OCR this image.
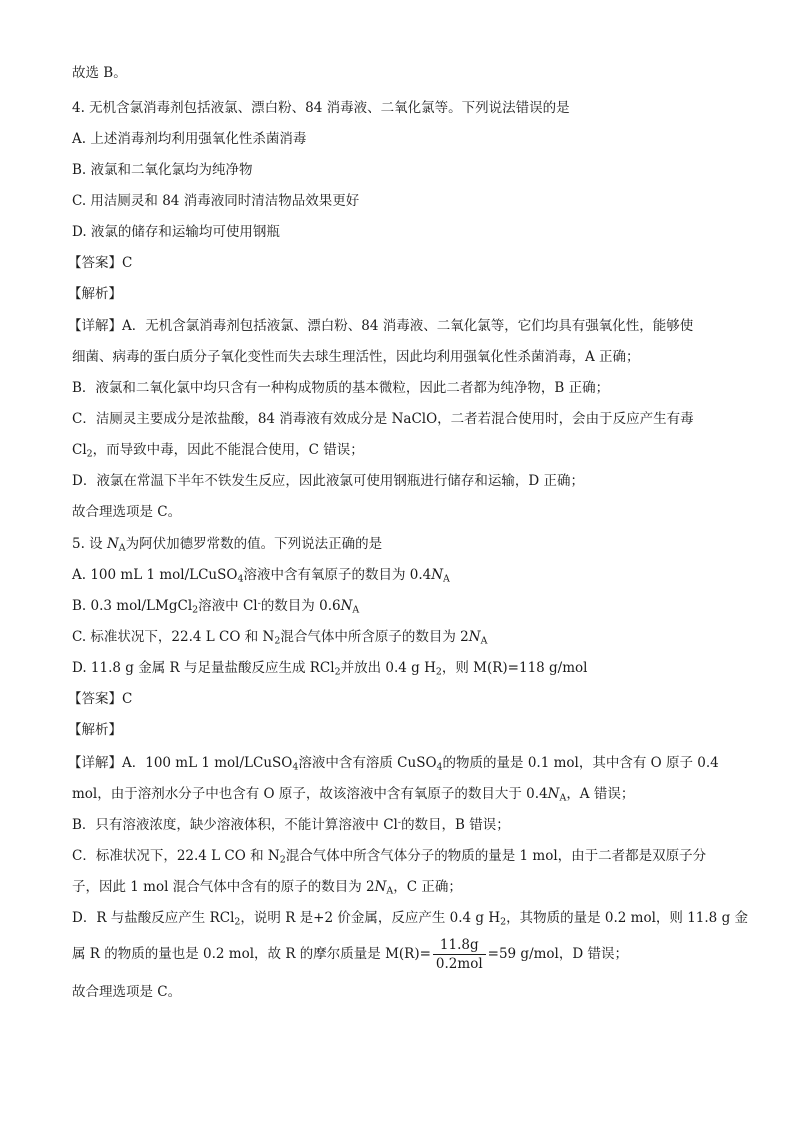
故选 B。
4. 无机含氯消毒剂包括液氯、漂白粉、84 消毒液、二氧化氯等。下列说法错误的是
A. 上述消毒剂均利用强氧化性杀菌消毒
B. 液氯和二氧化氯均为纯净物
C. 用洁厕灵和 84 消毒液同时清洁物品效果更好
D. 液氯的储存和运输均可使用钢瓶
【答案】C
【解析】
【详解】A．无机含氯消毒剂包括液氯、漂白粉、84 消毒液、二氧化氯等，它们均具有强氧化性，能够使
细菌、病毒的蛋白质分子氧化变性而失去球生理活性，因此均利用强氧化性杀菌消毒，A 正确；
B．液氯和二氧化氯中均只含有一种构成物质的基本微粒，因此二者都为纯净物，B 正确；
C．洁厕灵主要成分是浓盐酸，84 消毒液有效成分是 NaClO，二者若混合使用时，会由于反应产生有毒
$Cl_2$，而导致中毒，因此不能混合使用，C 错误；
D．液氯在常温下半年不铁发生反应，因此液氯可使用钢瓶进行储存和运输，D 正确；
故合理选项是 C。
5. 设 $N_A$为阿伏加德罗常数的值。下列说法正确的是
A. 100 mL 1 mol/LCuSO$_4$溶液中含有氧原子的数目为 $0.4N_A$
B. 0.3 mol/LMgCl$_2$溶液中 Cl-的数目为 $0.6N_A$
C. 标准状况下，22.4 L CO 和 $N_2$混合气体中所含原子的数目为 $2N_A$
D. 11.8 g 金属 R 与足量盐酸反应生成 RCl$_2$并放出 0.4 g $H_2$，则 M(R)=118 g/mol
【答案】C
【解析】
【详解】A．100 mL 1 mol/LCuSO$_4$溶液中含有溶质 CuSO$_4$的物质的量是 0.1 mol，其中含有 O 原子 0.4
mol，由于溶剂水分子中也含有 O 原子，故该溶液中含有氧原子的数目大于 $0.4N_A$，A 错误；
B．只有溶液浓度，缺少溶液体积，不能计算溶液中 Cl-的数目，B 错误；
C．标准状况下，22.4 L CO 和 $N_2$混合气体中所含气体分子的物质的量是 1 mol，由于二者都是双原子分
子，因此 1 mol 混合气体中含有的原子的数目为 $2N_A$，C 正确；
D．R 与盐酸反应产生 RCl$_2$，说明 R 是+2 价金属，反应产生 0.4 g $H_2$，其物质的量是 0.2 mol，则 11.8 g 金
属 R 的物质的量也是 0.2 mol，故 R 的摩尔质量是 $M(R)= \frac{11.8g}{\text{0.2mol}} =59$ g/mol，D 错误；
故合理选项是 C。
